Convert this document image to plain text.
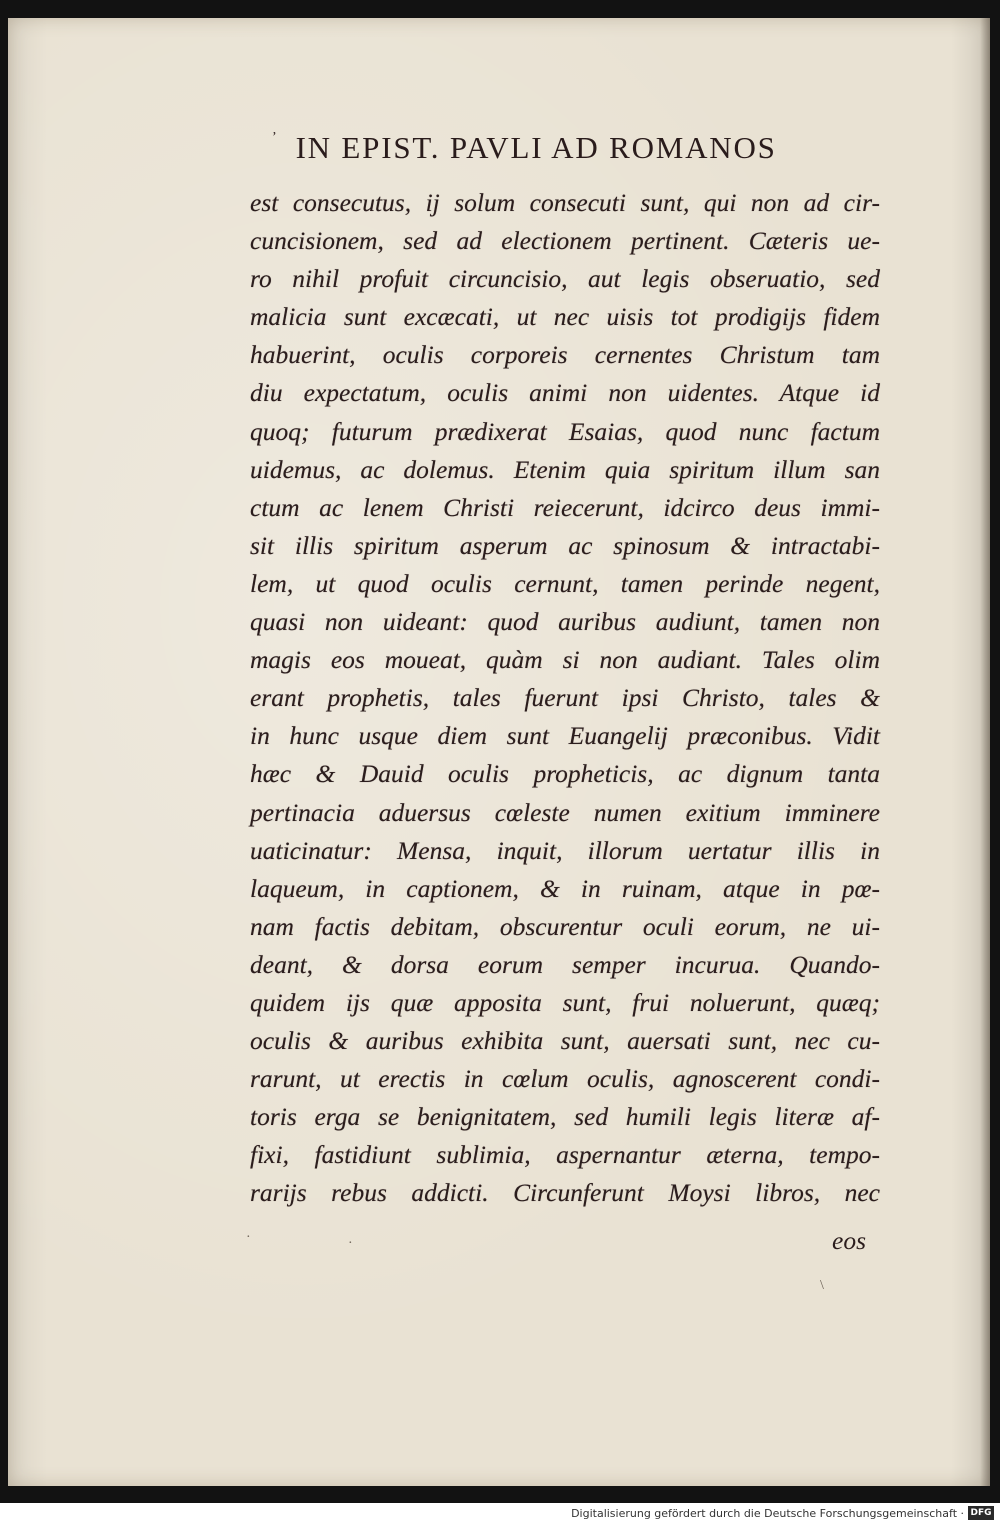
ʼ IN EPIST. PAVLI AD ROMANOS
est consecutus, ij solum consecuti sunt, qui non ad cir-
cuncisionem, sed ad electionem pertinent. Cæteris ue-
ro nihil profuit circuncisio, aut legis obseruatio, sed
malicia sunt excæcati, ut nec uisis tot prodigijs fidem
habuerint, oculis corporeis cernentes Christum tam
diu expectatum, oculis animi non uidentes. Atque id
quoq; futurum prædixerat Esaias, quod nunc factum
uidemus, ac dolemus. Etenim quia spiritum illum san
ctum ac lenem Christi reiecerunt, idcirco deus immi-
sit illis spiritum asperum ac spinosum & intractabi-
lem, ut quod oculis cernunt, tamen perinde negent,
quasi non uideant: quod auribus audiunt, tamen non
magis eos moueat, quàm si non audiant. Tales olim
erant prophetis, tales fuerunt ipsi Christo, tales &
in hunc usque diem sunt Euangelij præconibus. Vidit
hæc & Dauid oculis propheticis, ac dignum tanta
pertinacia aduersus cœleste numen exitium imminere
uaticinatur: Mensa, inquit, illorum uertatur illis in
laqueum, in captionem, & in ruinam, atque in pœ-
nam factis debitam, obscurentur oculi eorum, ne ui-
deant, & dorsa eorum semper incurua. Quando-
quidem ijs quæ apposita sunt, frui noluerunt, quæq;
oculis & auribus exhibita sunt, auersati sunt, nec cu-
rarunt, ut erectis in cœlum oculis, agnoscerent condi-
toris erga se benignitatem, sed humili legis literæ af-
fixi, fastidiunt sublimia, aspernantur æterna, tempo-
rarijs rebus addicti. Circunferunt Moysi libros, nec
eos
·	·
\
Digitalisierung gefördert durch die Deutsche Forschungsgemeinschaft · DFG
